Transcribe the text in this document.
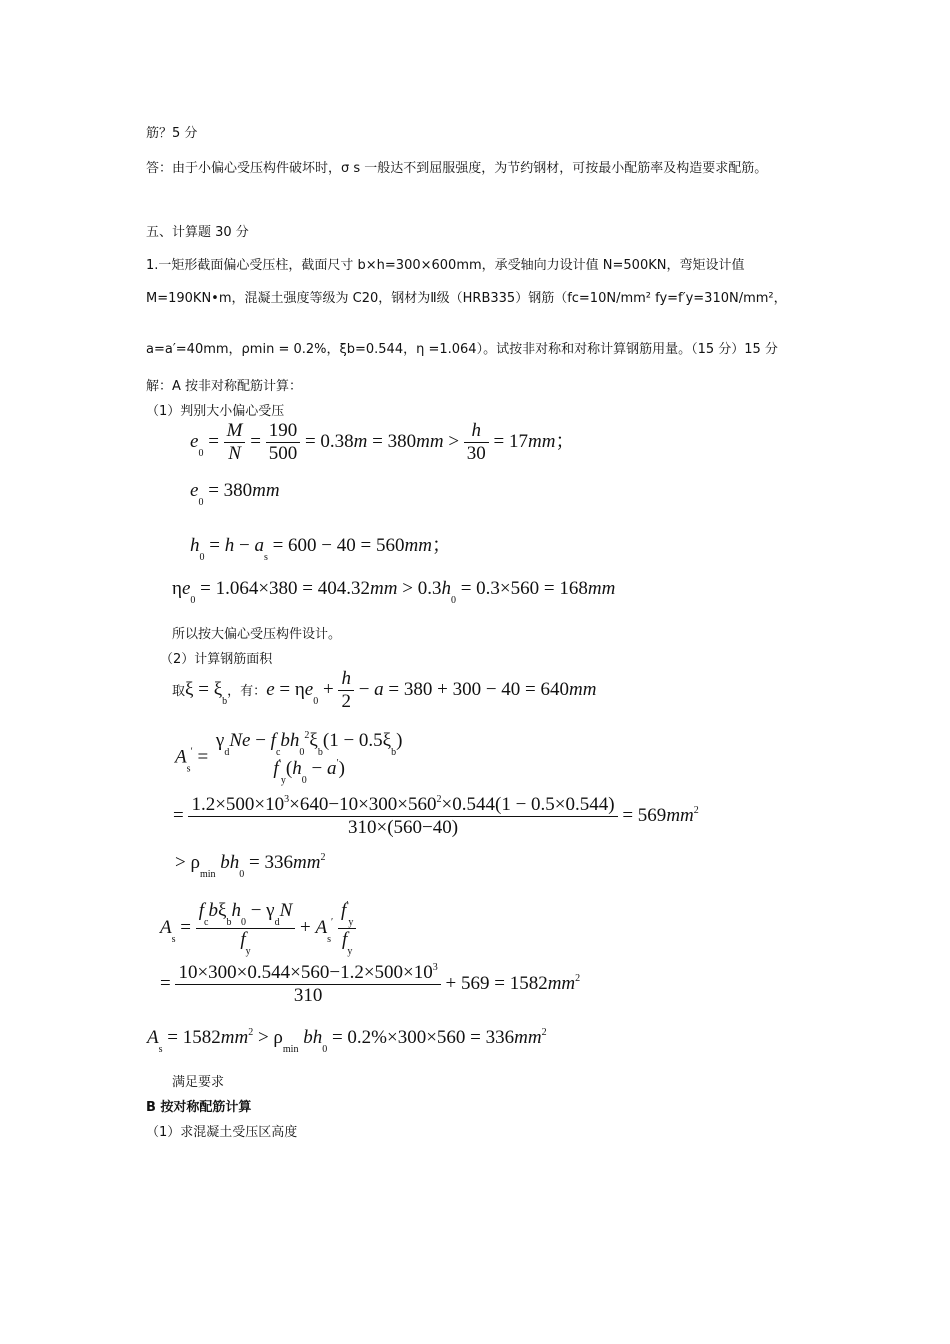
筋？5 分
答：由于小偏心受压构件破坏时，σ s 一般达不到屈服强度，为节约钢材，可按最小配筋率及构造要求配筋。
五、计算题 30 分
1.一矩形截面偏心受压柱，截面尺寸 b×h=300×600mm，承受轴向力设计值 N=500KN，弯矩设计值
M=190KN•m，混凝土强度等级为 C20，钢材为Ⅱ级（HRB335）钢筋（fc=10N/mm² fy=f′y=310N/mm²，
a=a′=40mm，ρmin = 0.2%，ξb=0.544，η =1.064）。试按非对称和对称计算钢筋用量。（15 分）15 分
解：A 按非对称配筋计算：
（1）判别大小偏心受压
$e_0 = \frac{M}{N} = \frac{190}{500} = 0.38m = 380mm > \frac{h}{30} = 17mm$；
$e_0 = 380mm$
$h_0 = h - a_s = 600 - 40 = 560mm$；
$\eta e_0 = 1.064\times 380 = 404.32mm > 0.3h_0 = 0.3\times 560 = 168mm$
所以按大偏心受压构件设计。
（2）计算钢筋面积
取$\xi = \xi_b$，有：$e = \eta e_0 + \frac{h}{2} - a = 380 + 300 - 40 = 640mm$
$A_s'$ =
$\gamma_dNe - f_cbh_0^2\xi_b(1 - 0.5\xi_b)$
$f'_y(h_0 - a')$
= $\frac{1.2\times 500\times 10^3\times 640-10\times 300\times 560^2\times 0.544(1 - 0.5\times 0.544)}{310\times(560-40)} = 569mm^2$
> $\rho_{min}$ $bh_0 = 336mm^2$
$A_s = \frac{f_cb\xi_bh_0 - \gamma_dN}{f_y} + A_s' \frac{f'_y}{f_y}$
= $\frac{10\times 300\times 0.544\times 560-1.2\times 500\times 10^3}{310} + 569 = 1582mm^2$
$A_s = 1582mm^2 > \rho_{min}$ $bh_0 = 0.2\%\times 300\times 560 = 336mm^2$
满足要求
B 按对称配筋计算
（1）求混凝土受压区高度
